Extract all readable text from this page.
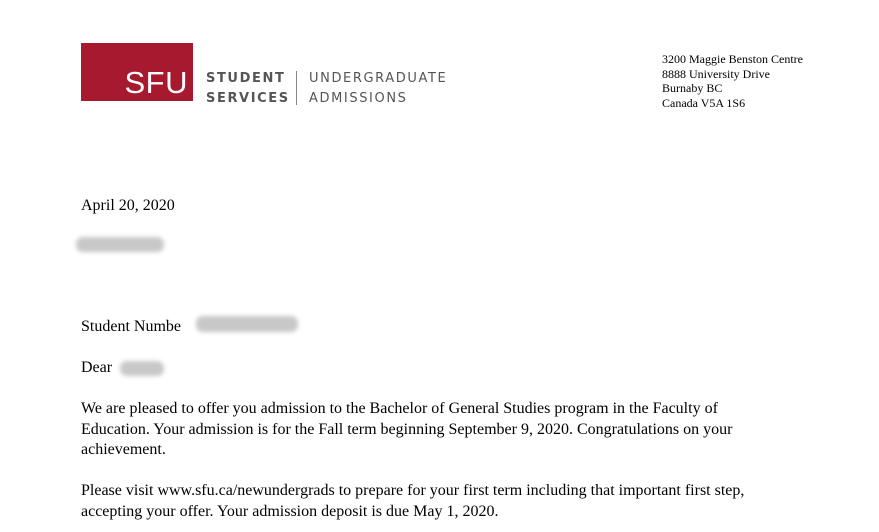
SFU STUDENT
SERVICES
UNDERGRADUATE
ADMISSIONS
3200 Maggie Benston Centre
8888 University Drive
Burnaby BC
Canada V5A 1S6
April 20, 2020
Student Numbe
Dear
We are pleased to offer you admission to the Bachelor of General Studies program in the Faculty of
Education. Your admission is for the Fall term beginning September 9, 2020. Congratulations on your
achievement.
Please visit www.sfu.ca/newundergrads to prepare for your first term including that important first step,
accepting your offer. Your admission deposit is due May 1, 2020.
